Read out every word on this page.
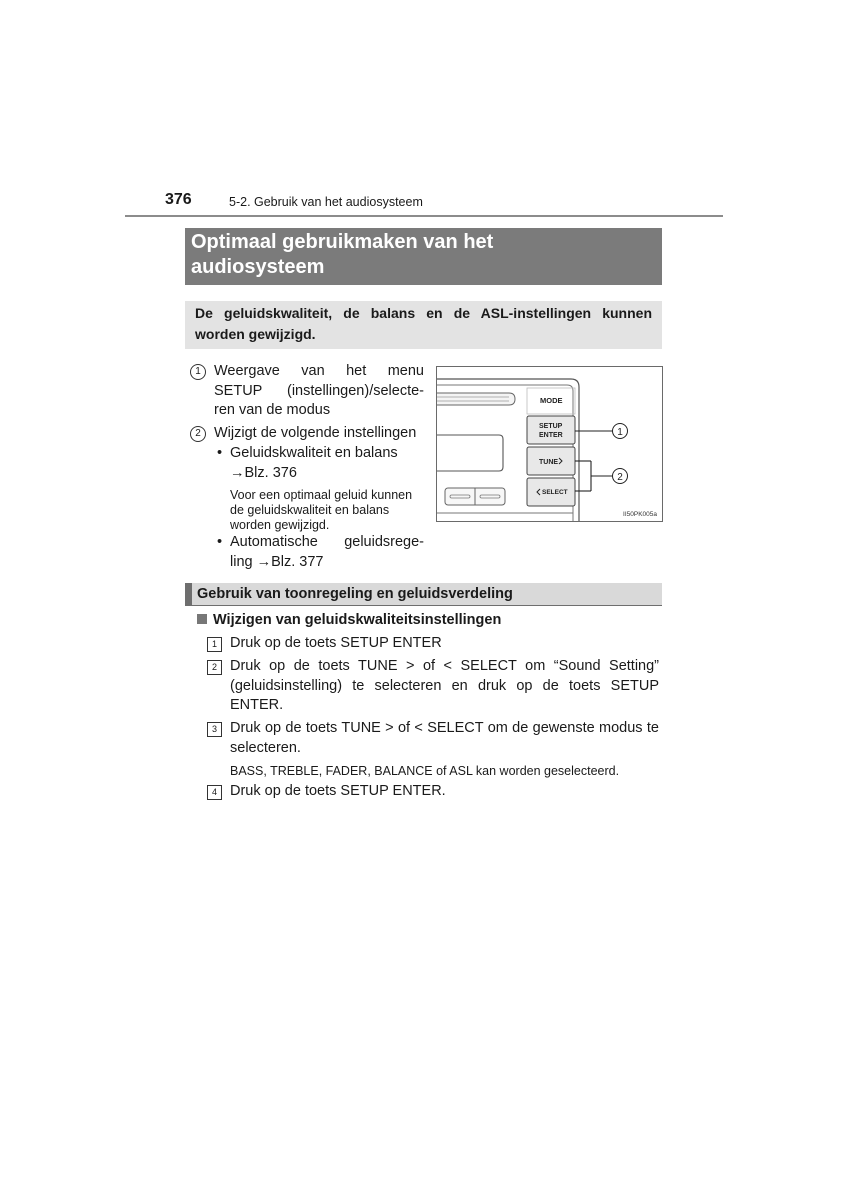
376	5-2. Gebruik van het audiosysteem
Optimaal gebruikmaken van het
audiosysteem
De geluidskwaliteit, de balans en de ASL-instellingen kunnen worden gewijzigd.
1 Weergave van het menu
SETUP (instellingen)/selecte-
ren van de modus
2 Wijzigt de volgende instellingen
• Geluidskwaliteit en balans
→Blz. 376
Voor een optimaal geluid kunnen de geluidskwaliteit en balans worden gewijzigd.
• Automatische geluidsrege-
ling →Blz. 377
MODE
SETUP
ENTER
TUNE
SELECT
1
2
II50PK005a
Gebruik van toonregeling en geluidsverdeling
Wijzigen van geluidskwaliteitsinstellingen
1 Druk op de toets SETUP ENTER
2 Druk op de toets TUNE > of < SELECT om “Sound Setting” (geluidsinstelling) te selecteren en druk op de toets SETUP ENTER.
3 Druk op de toets TUNE > of < SELECT om de gewenste modus te selecteren.
BASS, TREBLE, FADER, BALANCE of ASL kan worden geselecteerd.
4 Druk op de toets SETUP ENTER.
